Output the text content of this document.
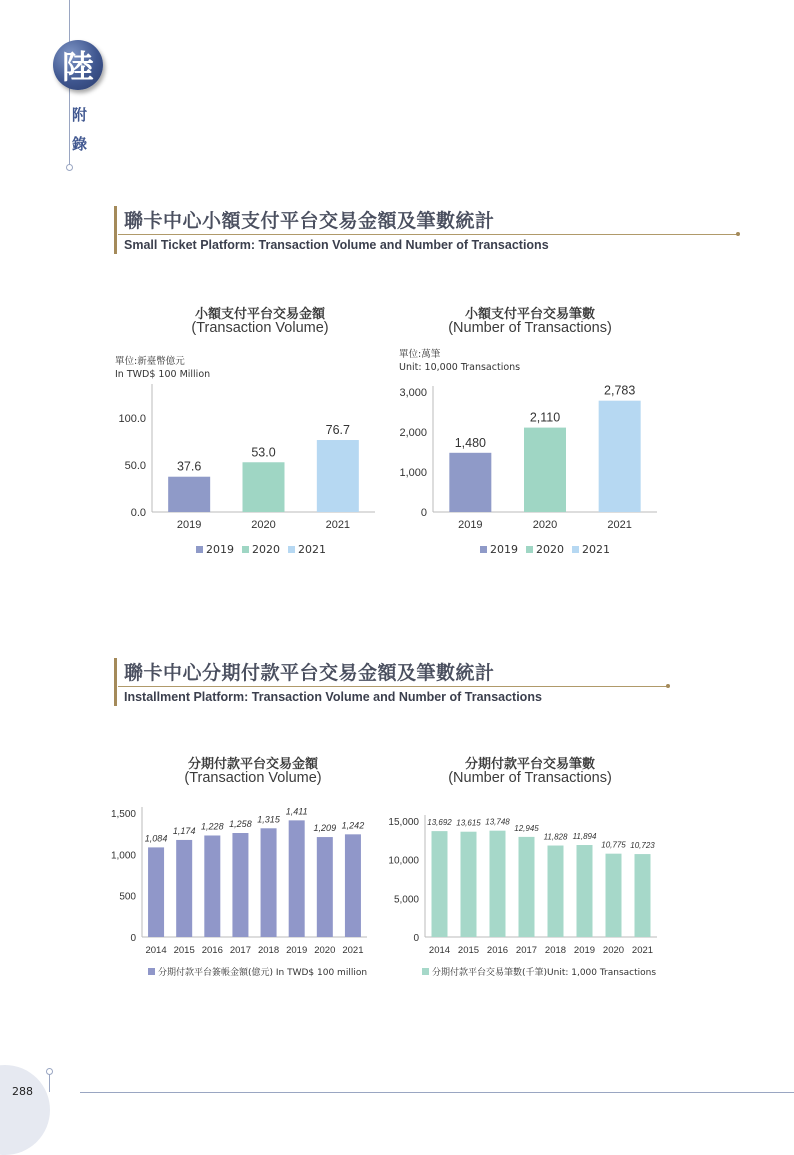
陸
附
錄
聯卡中心小額支付平台交易金額及筆數統計
Small Ticket Platform: Transaction Volume and Number of Transactions
小額支付平台交易金額
(Transaction Volume)
單位:新臺幣億元
In TWD$ 100 Million
0.0
50.0
100.0
37.6
2019
53.0
2020
76.7
2021
2019 2020 2021
小額支付平台交易筆數
(Number of Transactions)
單位:萬筆
Unit: 10,000 Transactions
0
1,000
2,000
3,000
1,480
2019
2,110
2020
2,783
2021
2019 2020 2021
聯卡中心分期付款平台交易金額及筆數統計
Installment Platform: Transaction Volume and Number of Transactions
分期付款平台交易金額
(Transaction Volume)
0
500
1,000
1,500
1,084
2014
1,174
2015
1,228
2016
1,258
2017
1,315
2018
1,411
2019
1,209
2020
1,242
2021
分期付款平台簽帳金額(億元) In TWD$ 100 million
分期付款平台交易筆數
(Number of Transactions)
0
5,000
10,000
15,000 13,692
2014
13,615
2015
13,748
2016
12,945
2017
11,828
2018
11,894
2019
10,775
2020
10,723
2021
分期付款平台交易筆數(千筆)Unit: 1,000 Transactions
288
